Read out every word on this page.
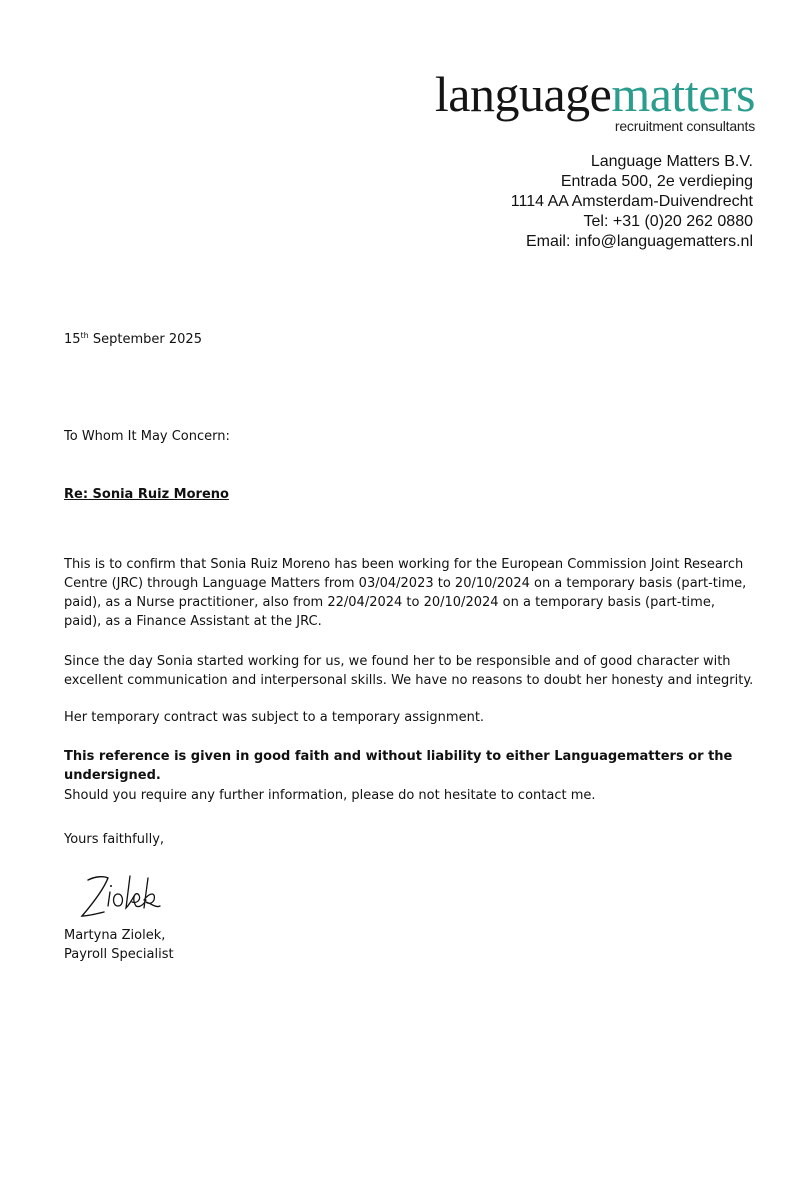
languagematters
recruitment consultants
Language Matters B.V.
Entrada 500, 2e verdieping
1114 AA Amsterdam-Duivendrecht
Tel: +31 (0)20 262 0880
Email: info@languagematters.nl
15th September 2025
To Whom It May Concern:
Re: Sonia Ruiz Moreno

This is to confirm that Sonia Ruiz Moreno has been working for the European Commission Joint Research Centre (JRC) through Language Matters from 03/04/2023 to 20/10/2024 on a temporary basis (part-time, paid), as a Nurse practitioner, also from 22/04/2024 to 20/10/2024 on a temporary basis (part-time, paid), as a Finance Assistant at the JRC.

Since the day Sonia started working for us, we found her to be responsible and of good character with excellent communication and interpersonal skills. We have no reasons to doubt her honesty and integrity.

Her temporary contract was subject to a temporary assignment.

This reference is given in good faith and without liability to either Languagematters or the undersigned.

Should you require any further information, please do not hesitate to contact me.

Yours faithfully,
Martyna Ziolek,
Payroll Specialist
